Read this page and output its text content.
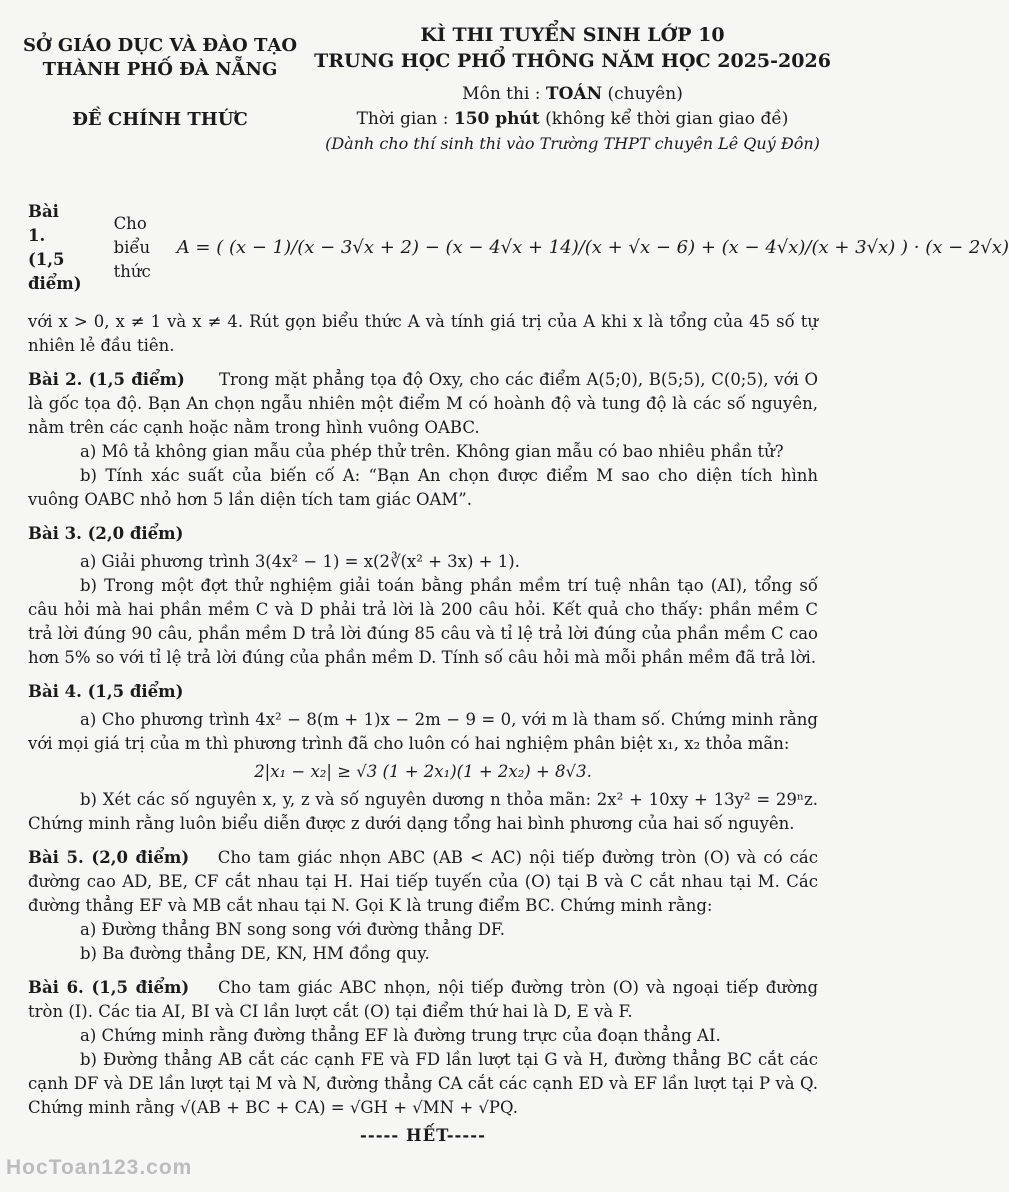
SỞ GIÁO DỤC VÀ ĐÀO TẠO
THÀNH PHỐ ĐÀ NẴNG
ĐỀ CHÍNH THỨC
KÌ THI TUYỂN SINH LỚP 10
TRUNG HỌC PHỔ THÔNG NĂM HỌC 2025-2026
Môn thi : TOÁN (chuyên)
Thời gian : 150 phút (không kể thời gian giao đề)
(Dành cho thí sinh thi vào Trường THPT chuyên Lê Quý Đôn)
Bài 1. (1,5 điểm)
Cho biểu thức
A = ( (x − 1)/(x − 3√x + 2) − (x − 4√x + 14)/(x + √x − 6) + (x − 4√x)/(x + 3√x) ) · (x − 2√x)

với x > 0, x ≠ 1 và x ≠ 4. Rút gọn biểu thức A và tính giá trị của A khi x là tổng của 45 số tự nhiên lẻ đầu tiên.

Bài 2. (1,5 điểm) Trong mặt phẳng tọa độ Oxy, cho các điểm A(5;0), B(5;5), C(0;5), với O là gốc tọa độ. Bạn An chọn ngẫu nhiên một điểm M có hoành độ và tung độ là các số nguyên, nằm trên các cạnh hoặc nằm trong hình vuông OABC.

a) Mô tả không gian mẫu của phép thử trên. Không gian mẫu có bao nhiêu phần tử?

b) Tính xác suất của biến cố A: “Bạn An chọn được điểm M sao cho diện tích hình vuông OABC nhỏ hơn 5 lần diện tích tam giác OAM”.

Bài 3. (2,0 điểm)

a) Giải phương trình 3(4x² − 1) = x(2∛(x² + 3x) + 1).

b) Trong một đợt thử nghiệm giải toán bằng phần mềm trí tuệ nhân tạo (AI), tổng số câu hỏi mà hai phần mềm C và D phải trả lời là 200 câu hỏi. Kết quả cho thấy: phần mềm C trả lời đúng 90 câu, phần mềm D trả lời đúng 85 câu và tỉ lệ trả lời đúng của phần mềm C cao hơn 5% so với tỉ lệ trả lời đúng của phần mềm D. Tính số câu hỏi mà mỗi phần mềm đã trả lời.

Bài 4. (1,5 điểm)

a) Cho phương trình 4x² − 8(m + 1)x − 2m − 9 = 0, với m là tham số. Chứng minh rằng với mọi giá trị của m thì phương trình đã cho luôn có hai nghiệm phân biệt x₁, x₂ thỏa mãn:

2|x₁ − x₂| ≥ √3 (1 + 2x₁)(1 + 2x₂) + 8√3.

b) Xét các số nguyên x, y, z và số nguyên dương n thỏa mãn: 2x² + 10xy + 13y² = 29ⁿz. Chứng minh rằng luôn biểu diễn được z dưới dạng tổng hai bình phương của hai số nguyên.

Bài 5. (2,0 điểm) Cho tam giác nhọn ABC (AB < AC) nội tiếp đường tròn (O) và có các đường cao AD, BE, CF cắt nhau tại H. Hai tiếp tuyến của (O) tại B và C cắt nhau tại M. Các đường thẳng EF và MB cắt nhau tại N. Gọi K là trung điểm BC. Chứng minh rằng:

a) Đường thẳng BN song song với đường thẳng DF.

b) Ba đường thẳng DE, KN, HM đồng quy.

Bài 6. (1,5 điểm) Cho tam giác ABC nhọn, nội tiếp đường tròn (O) và ngoại tiếp đường tròn (I). Các tia AI, BI và CI lần lượt cắt (O) tại điểm thứ hai là D, E và F.

a) Chứng minh rằng đường thẳng EF là đường trung trực của đoạn thẳng AI.

b) Đường thẳng AB cắt các cạnh FE và FD lần lượt tại G và H, đường thẳng BC cắt các cạnh DF và DE lần lượt tại M và N, đường thẳng CA cắt các cạnh ED và EF lần lượt tại P và Q. Chứng minh rằng √(AB + BC + CA) = √GH + √MN + √PQ.

----- HẾT-----

HocToan123.com
